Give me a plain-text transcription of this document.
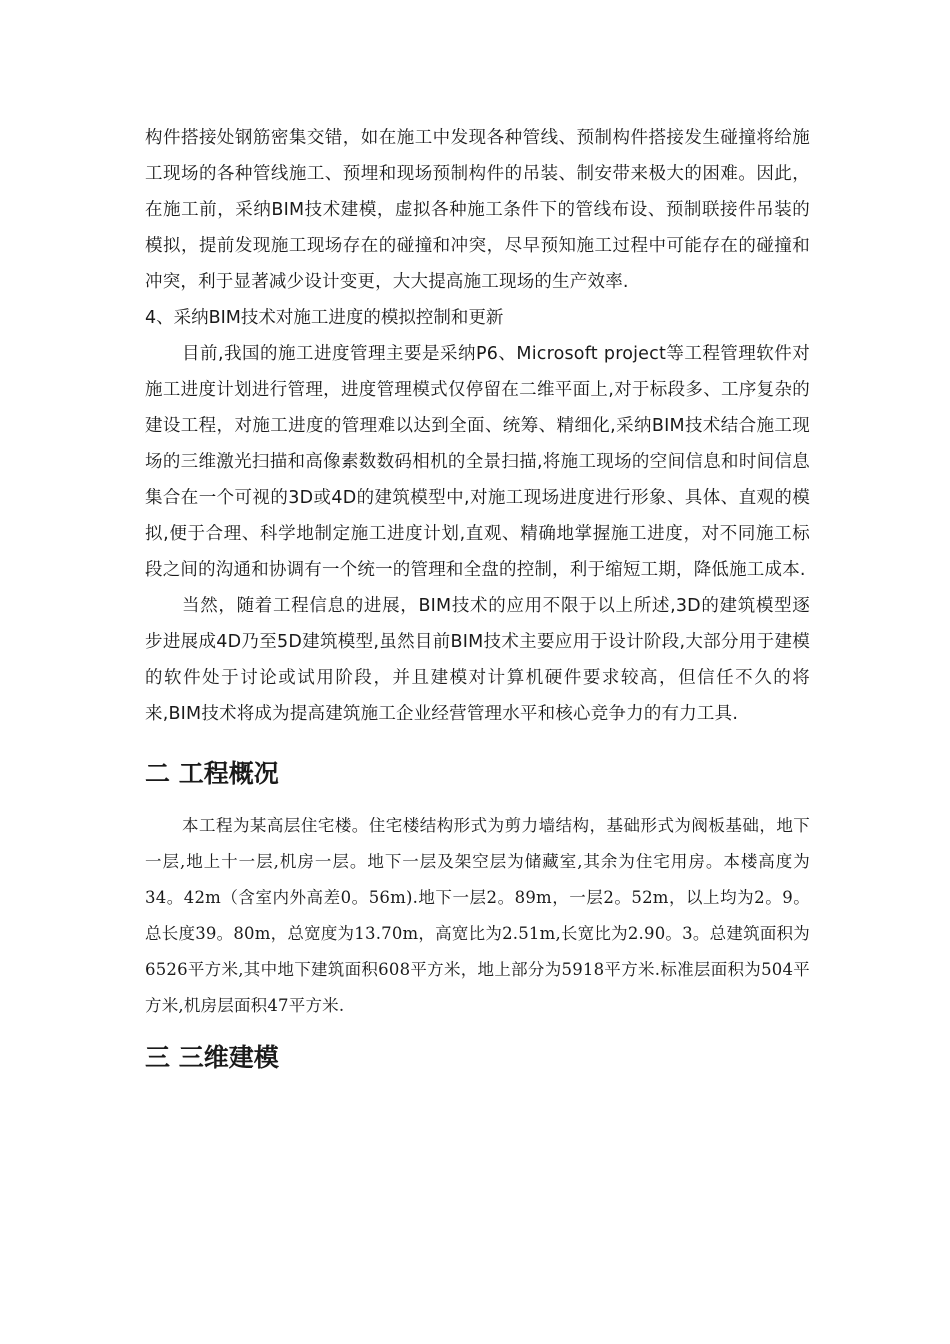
构件搭接处钢筋密集交错，如在施工中发现各种管线、预制构件搭接发生碰撞将给施工现场的各种管线施工、预埋和现场预制构件的吊装、制安带来极大的困难。因此，在施工前，采纳BIM技术建模，虚拟各种施工条件下的管线布设、预制联接件吊装的模拟，提前发现施工现场存在的碰撞和冲突，尽早预知施工过程中可能存在的碰撞和冲突，利于显著减少设计变更，大大提高施工现场的生产效率.

4、采纳BIM技术对施工进度的模拟控制和更新

目前,我国的施工进度管理主要是采纳P6、Microsoft project等工程管理软件对施工进度计划进行管理，进度管理模式仅停留在二维平面上,对于标段多、工序复杂的建设工程，对施工进度的管理难以达到全面、统筹、精细化,采纳BIM技术结合施工现场的三维激光扫描和高像素数数码相机的全景扫描,将施工现场的空间信息和时间信息集合在一个可视的3D或4D的建筑模型中,对施工现场进度进行形象、具体、直观的模拟,便于合理、科学地制定施工进度计划,直观、精确地掌握施工进度，对不同施工标段之间的沟通和协调有一个统一的管理和全盘的控制，利于缩短工期，降低施工成本.

当然，随着工程信息的进展，BIM技术的应用不限于以上所述,3D的建筑模型逐步进展成4D乃至5D建筑模型,虽然目前BIM技术主要应用于设计阶段,大部分用于建模的软件处于讨论或试用阶段，并且建模对计算机硬件要求较高，但信任不久的将来,BIM技术将成为提高建筑施工企业经营管理水平和核心竞争力的有力工具.

二 工程概况

本工程为某高层住宅楼。住宅楼结构形式为剪力墙结构，基础形式为阀板基础，地下一层,地上十一层,机房一层。地下一层及架空层为储藏室,其余为住宅用房。本楼高度为34。42m（含室内外高差0。56m).地下一层2。89m，一层2。52m，以上均为2。9。总长度39。80m，总宽度为13.70m，高宽比为2.51m,长宽比为2.90。3。总建筑面积为6526平方米,其中地下建筑面积608平方米，地上部分为5918平方米.标准层面积为504平方米,机房层面积47平方米.

三 三维建模
